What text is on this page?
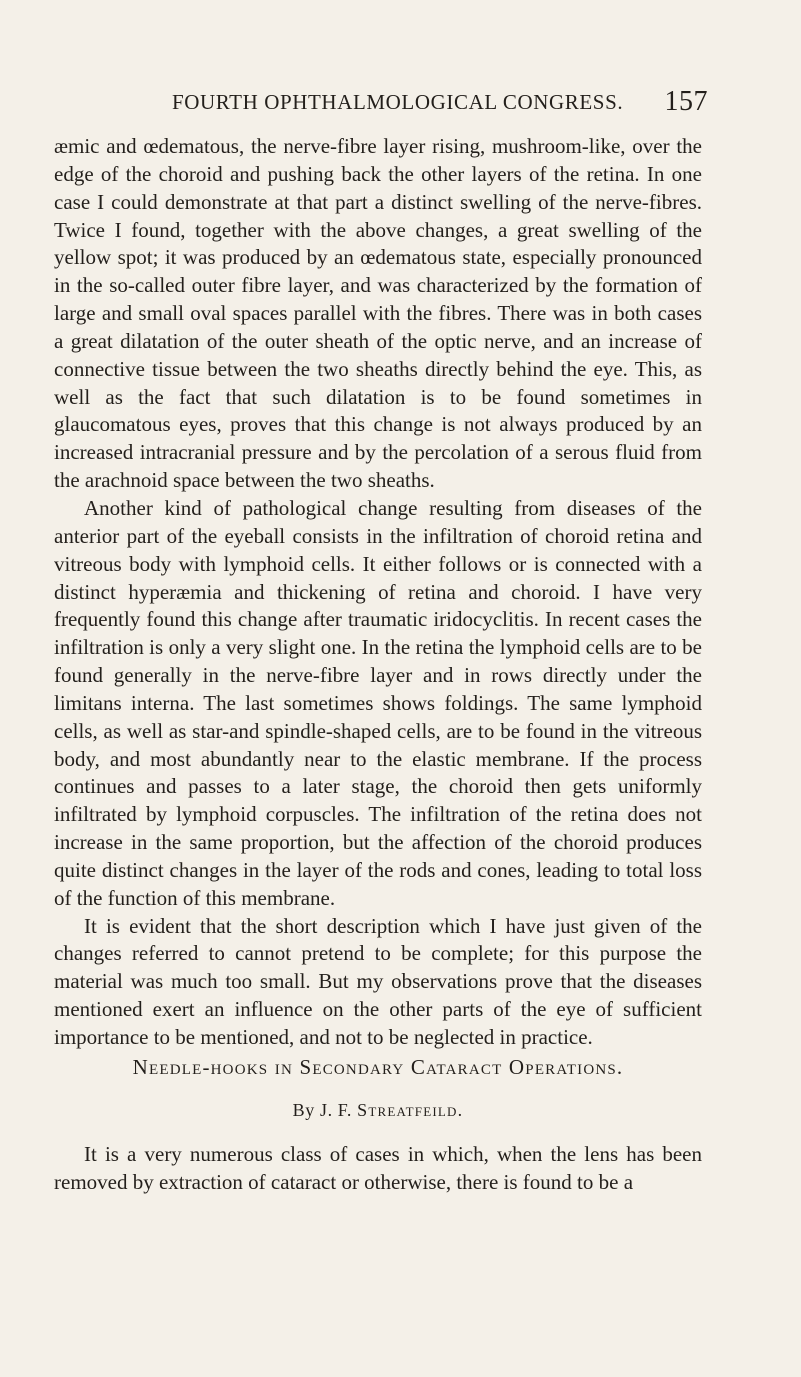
FOURTH OPHTHALMOLOGICAL CONGRESS. 157

æmic and œdematous, the nerve-fibre layer rising, mushroom-like, over the edge of the choroid and pushing back the other layers of the retina. In one case I could demonstrate at that part a distinct swelling of the nerve-fibres. Twice I found, together with the above changes, a great swelling of the yellow spot; it was produced by an œdematous state, especially pronounced in the so-called outer fibre layer, and was characterized by the formation of large and small oval spaces parallel with the fibres. There was in both cases a great dilatation of the outer sheath of the optic nerve, and an increase of connective tissue between the two sheaths directly behind the eye. This, as well as the fact that such dilatation is to be found sometimes in glaucomatous eyes, proves that this change is not always produced by an increased intracranial pressure and by the percolation of a serous fluid from the arachnoid space between the two sheaths.

Another kind of pathological change resulting from diseases of the anterior part of the eyeball consists in the infiltration of choroid retina and vitreous body with lymphoid cells. It either follows or is connected with a distinct hyperæmia and thickening of retina and choroid. I have very frequently found this change after traumatic iridocyclitis. In recent cases the infiltration is only a very slight one. In the retina the lymphoid cells are to be found generally in the nerve-fibre layer and in rows directly under the limitans interna. The last sometimes shows foldings. The same lymphoid cells, as well as star-and spindle-shaped cells, are to be found in the vitreous body, and most abundantly near to the elastic membrane. If the process continues and passes to a later stage, the choroid then gets uniformly infiltrated by lymphoid corpuscles. The infiltration of the retina does not increase in the same proportion, but the affection of the choroid produces quite distinct changes in the layer of the rods and cones, leading to total loss of the function of this membrane.

It is evident that the short description which I have just given of the changes referred to cannot pretend to be complete; for this purpose the material was much too small. But my observations prove that the diseases mentioned exert an influence on the other parts of the eye of sufficient importance to be mentioned, and not to be neglected in practice.

Needle-hooks in Secondary Cataract Operations.
By J. F. Streatfeild.

It is a very numerous class of cases in which, when the lens has been removed by extraction of cataract or otherwise, there is found to be a
